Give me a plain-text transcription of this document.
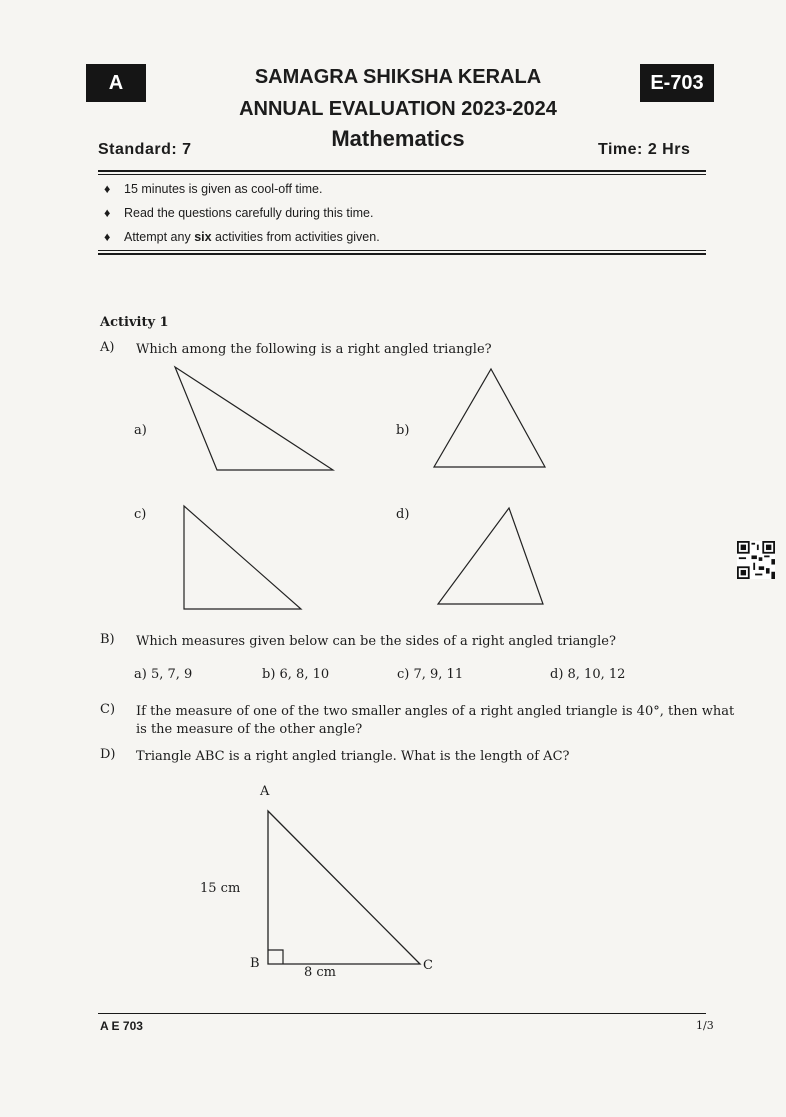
A	SAMAGRA SHIKSHA KERALA
ANNUAL EVALUATION 2023-2024
Mathematics
E-703
Standard: 7	Time: 2 Hrs
♦ 15 minutes is given as cool-off time.
♦ Read the questions carefully during this time.
♦ Attempt any six activities from activities given.
Activity 1
A) Which among the following is a right angled triangle?
a)	b)
c)	d)
B) Which measures given below can be the sides of a right angled triangle?
a) 5, 7, 9	b) 6, 8, 10	c) 7, 9, 11	d) 8, 10, 12
C) If the measure of one of the two smaller angles of a right angled triangle is 40°, then what
is the measure of the other angle?
D) Triangle ABC is a right angled triangle. What is the length of AC?
A
15 cm
B
8 cm	C
A E 703	1/3
